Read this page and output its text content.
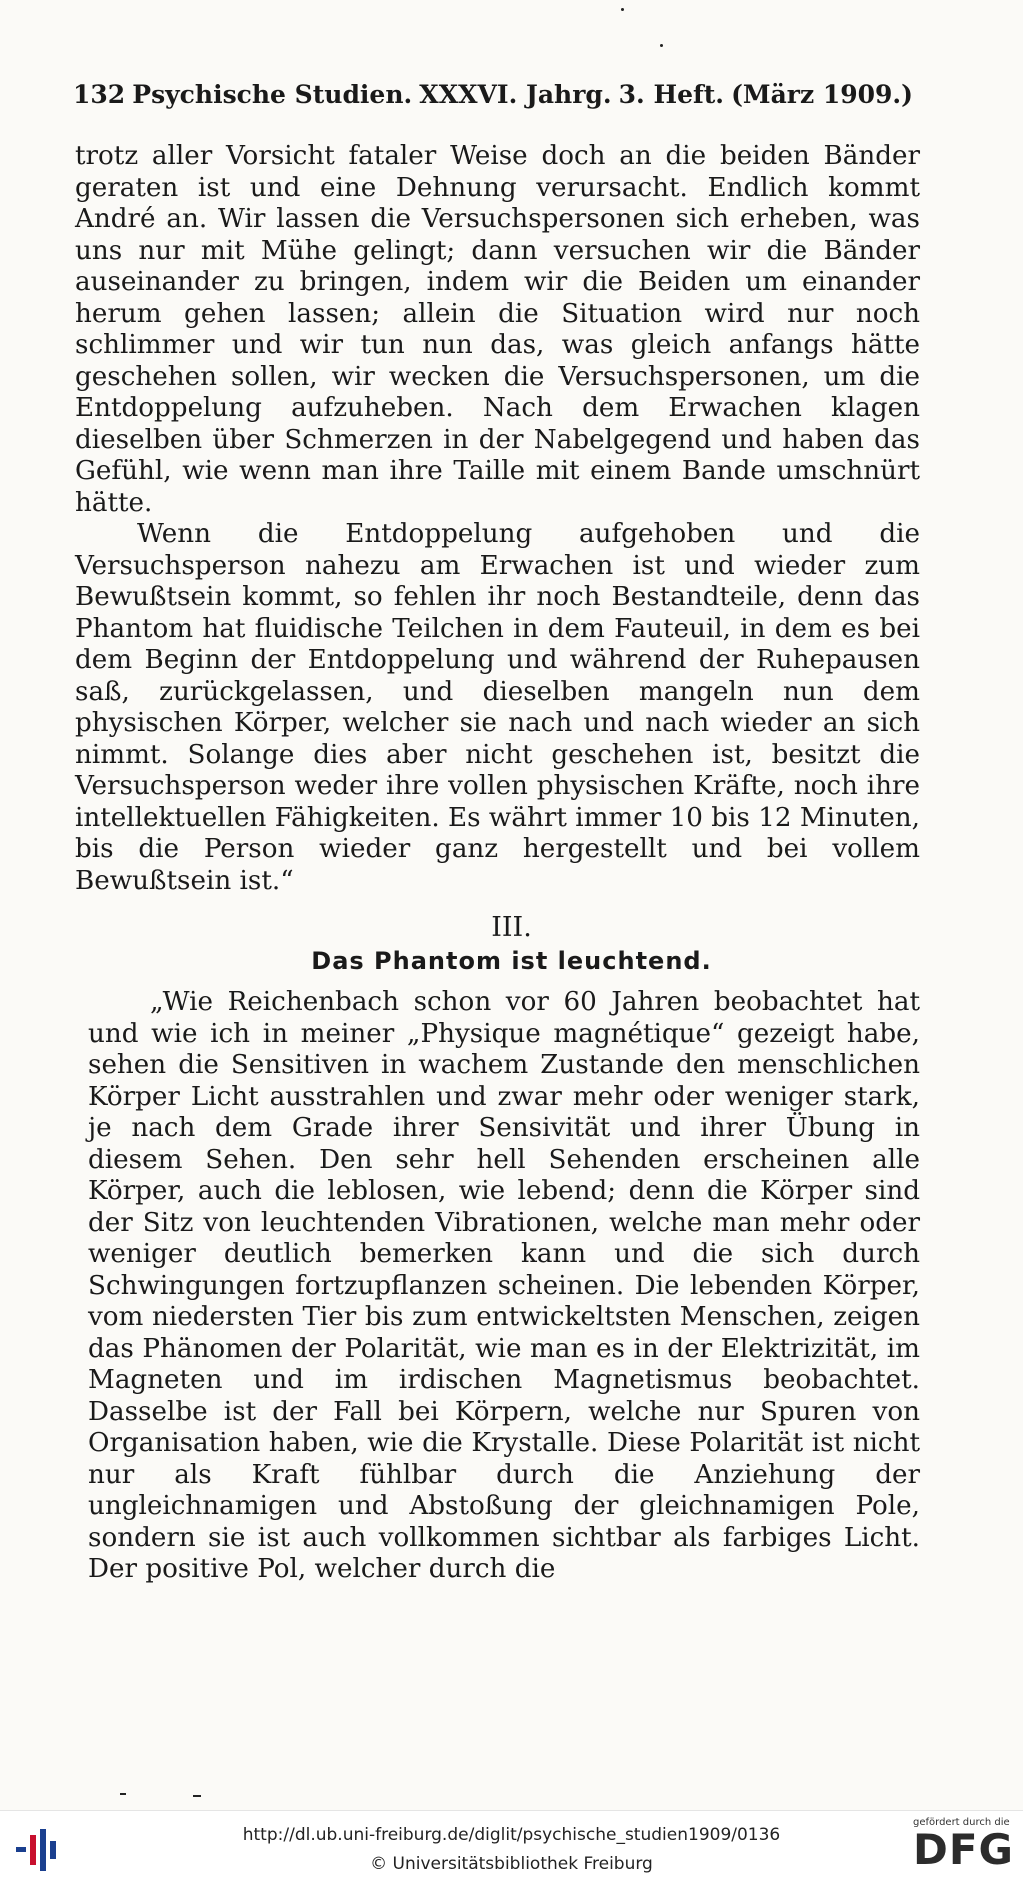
132 Psychische Studien. XXXVI. Jahrg. 3. Heft. (März 1909.)

trotz aller Vorsicht fataler Weise doch an die beiden Bänder geraten ist und eine Dehnung verursacht. Endlich kommt André an. Wir lassen die Versuchspersonen sich erheben, was uns nur mit Mühe gelingt; dann versuchen wir die Bänder auseinander zu bringen, indem wir die Beiden um einander herum gehen lassen; allein die Situation wird nur noch schlimmer und wir tun nun das, was gleich anfangs hätte geschehen sollen, wir wecken die Versuchspersonen, um die Entdoppelung aufzuheben. Nach dem Erwachen klagen dieselben über Schmerzen in der Nabelgegend und haben das Gefühl, wie wenn man ihre Taille mit einem Bande umschnürt hätte.

Wenn die Entdoppelung aufgehoben und die Versuchsperson nahezu am Erwachen ist und wieder zum Bewußtsein kommt, so fehlen ihr noch Bestandteile, denn das Phantom hat fluidische Teilchen in dem Fauteuil, in dem es bei dem Beginn der Entdoppelung und während der Ruhepausen saß, zurückgelassen, und dieselben mangeln nun dem physischen Körper, welcher sie nach und nach wieder an sich nimmt. Solange dies aber nicht geschehen ist, besitzt die Versuchsperson weder ihre vollen physischen Kräfte, noch ihre intellektuellen Fähigkeiten. Es währt immer 10 bis 12 Minuten, bis die Person wieder ganz hergestellt und bei vollem Bewußtsein ist.“

III.
Das Phantom ist leuchtend.

„Wie Reichenbach schon vor 60 Jahren beobachtet hat und wie ich in meiner „Physique magnétique“ gezeigt habe, sehen die Sensitiven in wachem Zustande den menschlichen Körper Licht ausstrahlen und zwar mehr oder weniger stark, je nach dem Grade ihrer Sensivität und ihrer Übung in diesem Sehen. Den sehr hell Sehenden erscheinen alle Körper, auch die leblosen, wie lebend; denn die Körper sind der Sitz von leuchtenden Vibrationen, welche man mehr oder weniger deutlich bemerken kann und die sich durch Schwingungen fortzupflanzen scheinen. Die lebenden Körper, vom niedersten Tier bis zum entwickeltsten Menschen, zeigen das Phänomen der Polarität, wie man es in der Elektrizität, im Magneten und im irdischen Magnetismus beobachtet. Dasselbe ist der Fall bei Körpern, welche nur Spuren von Organisation haben, wie die Krystalle. Diese Polarität ist nicht nur als Kraft fühlbar durch die Anziehung der ungleichnamigen und Abstoßung der gleichnamigen Pole, sondern sie ist auch vollkommen sichtbar als farbiges Licht. Der positive Pol, welcher durch die

http://dl.ub.uni-freiburg.de/diglit/psychische_studien1909/0136
© Universitätsbibliothek Freiburg
gefördert durch die
DFG
